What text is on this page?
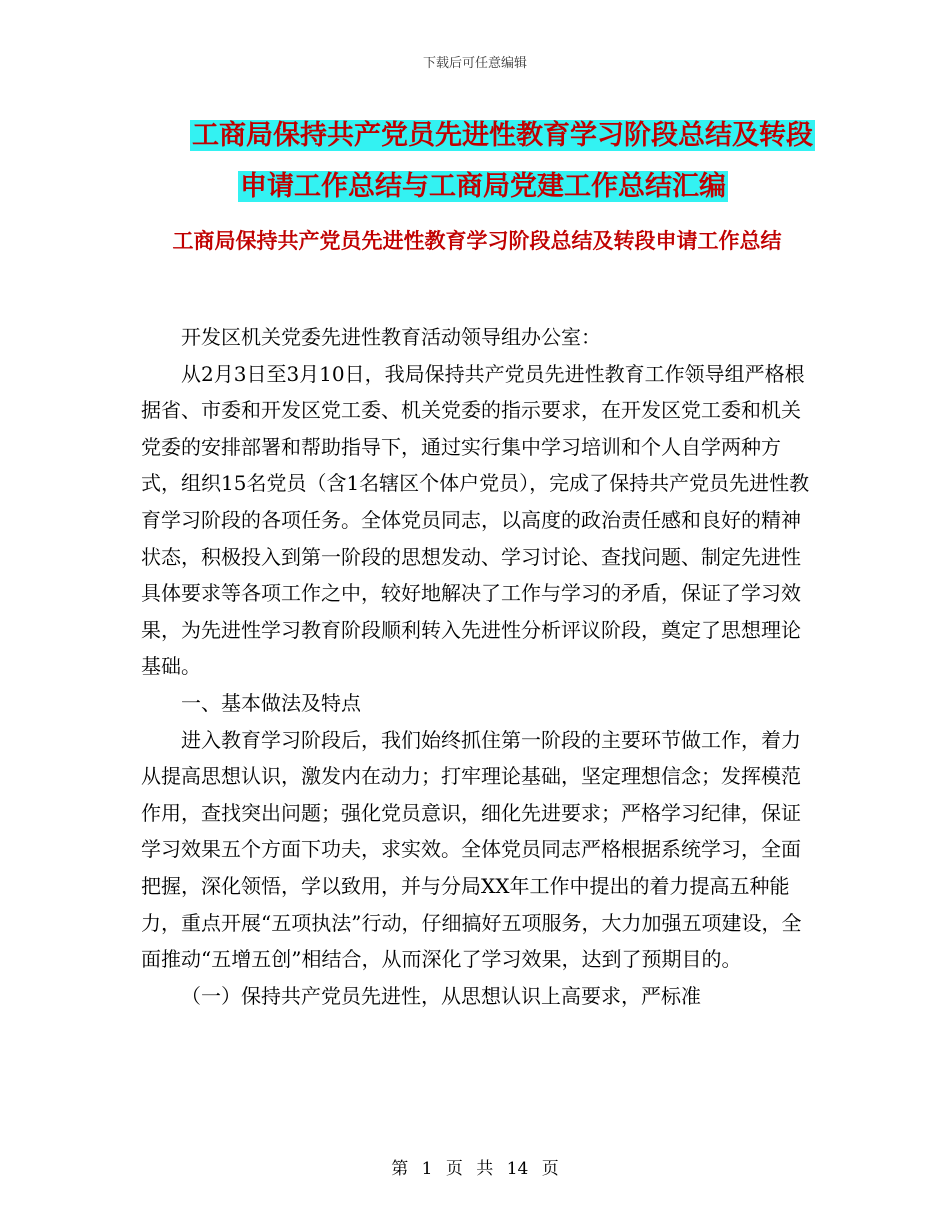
下载后可任意编辑
工商局保持共产党员先进性教育学习阶段总结及转段
申请工作总结与工商局党建工作总结汇编
工商局保持共产党员先进性教育学习阶段总结及转段申请工作总结

开发区机关党委先进性教育活动领导组办公室：

从2月3日至3月10日，我局保持共产党员先进性教育工作领导组严格根据省、市委和开发区党工委、机关党委的指示要求，在开发区党工委和机关党委的安排部署和帮助指导下，通过实行集中学习培训和个人自学两种方式，组织15名党员（含1名辖区个体户党员），完成了保持共产党员先进性教育学习阶段的各项任务。全体党员同志，以高度的政治责任感和良好的精神状态，积极投入到第一阶段的思想发动、学习讨论、查找问题、制定先进性具体要求等各项工作之中，较好地解决了工作与学习的矛盾，保证了学习效果，为先进性学习教育阶段顺利转入先进性分析评议阶段，奠定了思想理论基础。

一、基本做法及特点

进入教育学习阶段后，我们始终抓住第一阶段的主要环节做工作，着力从提高思想认识，激发内在动力；打牢理论基础，坚定理想信念；发挥模范作用，查找突出问题；强化党员意识，细化先进要求；严格学习纪律，保证学习效果五个方面下功夫，求实效。全体党员同志严格根据系统学习，全面把握，深化领悟，学以致用，并与分局XX年工作中提出的着力提高五种能力，重点开展“五项执法”行动，仔细搞好五项服务，大力加强五项建设，全面推动“五增五创”相结合，从而深化了学习效果，达到了预期目的。

（一）保持共产党员先进性，从思想认识上高要求，严标准

第 1 页 共 14 页
